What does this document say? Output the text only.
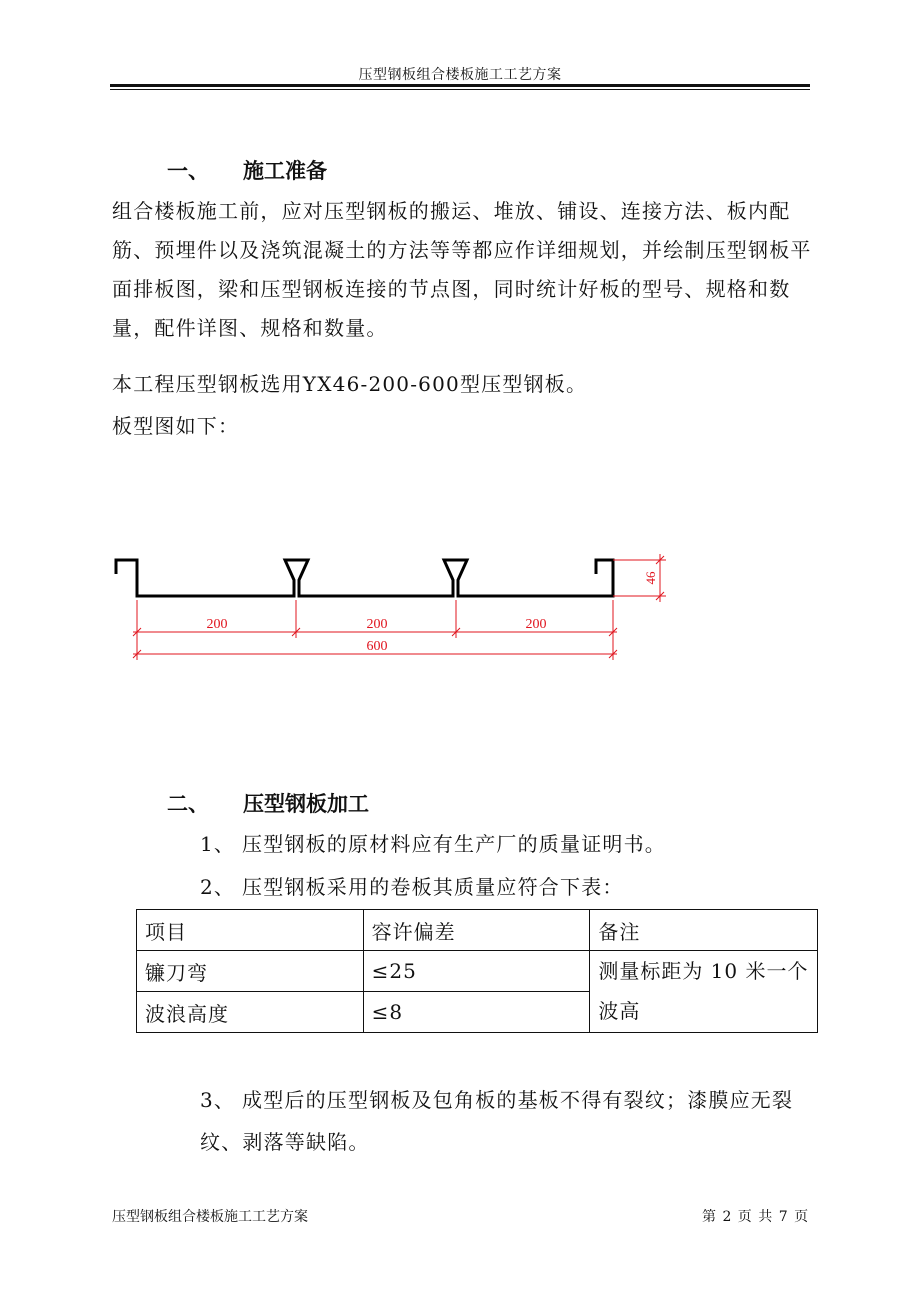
压型钢板组合楼板施工工艺方案
一、 施工准备
组合楼板施工前，应对压型钢板的搬运、堆放、铺设、连接方法、板内配筋、预埋件以及浇筑混凝土的方法等等都应作详细规划，并绘制压型钢板平面排板图，梁和压型钢板连接的节点图，同时统计好板的型号、规格和数量，配件详图、规格和数量。
本工程压型钢板选用YX46-200-600型压型钢板。
板型图如下：
46
200	200	200
600
二、 压型钢板加工
1、 压型钢板的原材料应有生产厂的质量证明书。
2、 压型钢板采用的卷板其质量应符合下表：
项目	容许偏差	备注
镰刀弯	≤25	测量标距为 10 米一个波高
波浪高度	≤8	
3、 成型后的压型钢板及包角板的基板不得有裂纹；漆膜应无裂
纹、剥落等缺陷。
压型钢板组合楼板施工工艺方案	第 2 页 共 7 页
